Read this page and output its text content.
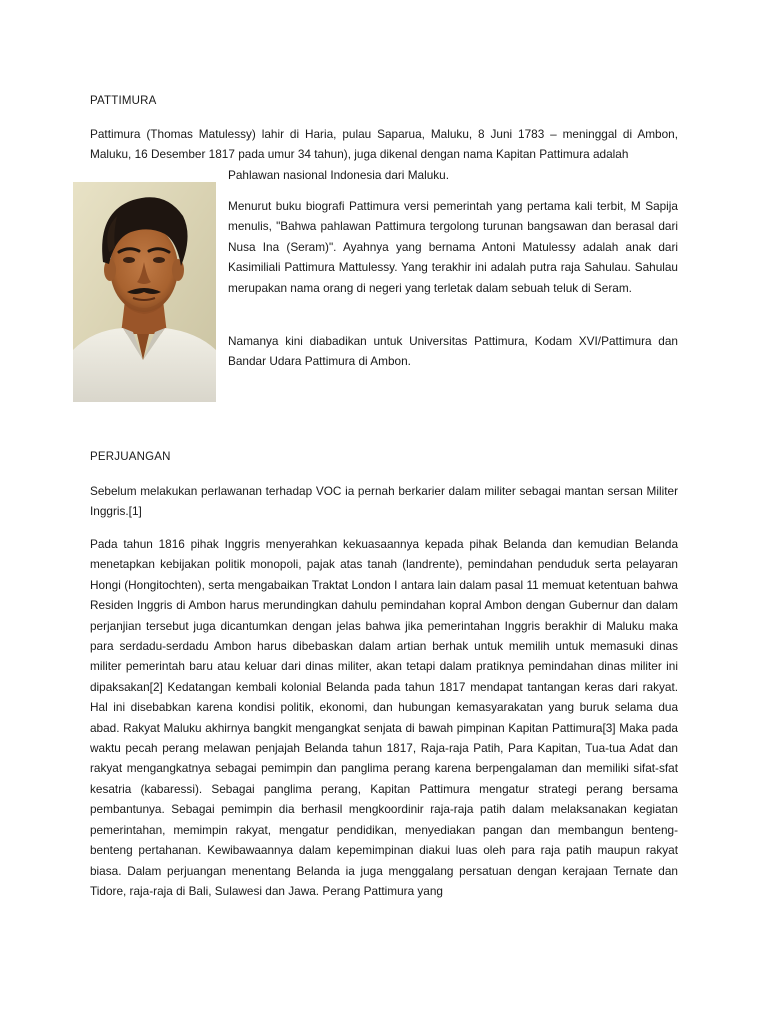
PATTIMURA

Pattimura (Thomas Matulessy) lahir di Haria, pulau Saparua, Maluku, 8 Juni 1783 – meninggal di Ambon, Maluku, 16 Desember 1817 pada umur 34 tahun), juga dikenal dengan nama Kapitan Pattimura adalah

Pahlawan nasional Indonesia dari Maluku.

Menurut buku biografi Pattimura versi pemerintah yang pertama kali terbit, M Sapija menulis, "Bahwa pahlawan Pattimura tergolong turunan bangsawan dan berasal dari Nusa Ina (Seram)". Ayahnya yang bernama Antoni Matulessy adalah anak dari Kasimiliali Pattimura Mattulessy. Yang terakhir ini adalah putra raja Sahulau. Sahulau merupakan nama orang di negeri yang terletak dalam sebuah teluk di Seram.

Namanya kini diabadikan untuk Universitas Pattimura, Kodam XVI/Pattimura dan Bandar Udara Pattimura di Ambon.

PERJUANGAN

Sebelum melakukan perlawanan terhadap VOC ia pernah berkarier dalam militer sebagai mantan sersan Militer Inggris.[1]

Pada tahun 1816 pihak Inggris menyerahkan kekuasaannya kepada pihak Belanda dan kemudian Belanda menetapkan kebijakan politik monopoli, pajak atas tanah (landrente), pemindahan penduduk serta pelayaran Hongi (Hongitochten), serta mengabaikan Traktat London I antara lain dalam pasal 11 memuat ketentuan bahwa Residen Inggris di Ambon harus merundingkan dahulu pemindahan kopral Ambon dengan Gubernur dan dalam perjanjian tersebut juga dicantumkan dengan jelas bahwa jika pemerintahan Inggris berakhir di Maluku maka para serdadu-serdadu Ambon harus dibebaskan dalam artian berhak untuk memilih untuk memasuki dinas militer pemerintah baru atau keluar dari dinas militer, akan tetapi dalam pratiknya pemindahan dinas militer ini dipaksakan[2] Kedatangan kembali kolonial Belanda pada tahun 1817 mendapat tantangan keras dari rakyat. Hal ini disebabkan karena kondisi politik, ekonomi, dan hubungan kemasyarakatan yang buruk selama dua abad. Rakyat Maluku akhirnya bangkit mengangkat senjata di bawah pimpinan Kapitan Pattimura[3] Maka pada waktu pecah perang melawan penjajah Belanda tahun 1817, Raja-raja Patih, Para Kapitan, Tua-tua Adat dan rakyat mengangkatnya sebagai pemimpin dan panglima perang karena berpengalaman dan memiliki sifat-sfat kesatria (kabaressi). Sebagai panglima perang, Kapitan Pattimura mengatur strategi perang bersama pembantunya. Sebagai pemimpin dia berhasil mengkoordinir raja-raja patih dalam melaksanakan kegiatan pemerintahan, memimpin rakyat, mengatur pendidikan, menyediakan pangan dan membangun benteng-benteng pertahanan. Kewibawaannya dalam kepemimpinan diakui luas oleh para raja patih maupun rakyat biasa. Dalam perjuangan menentang Belanda ia juga menggalang persatuan dengan kerajaan Ternate dan Tidore, raja-raja di Bali, Sulawesi dan Jawa. Perang Pattimura yang
